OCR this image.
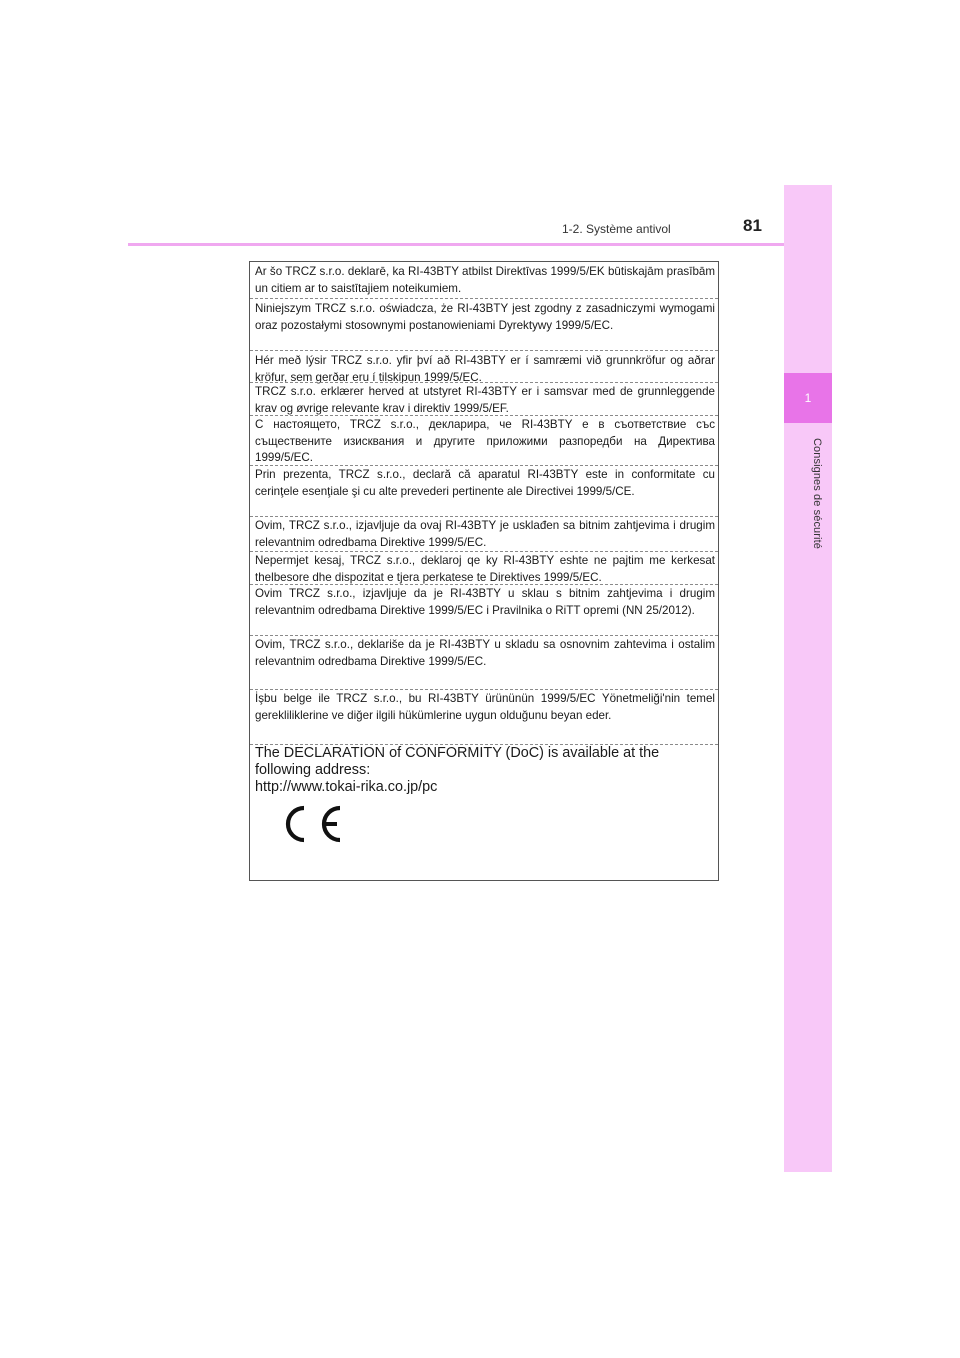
1
Consignes de sécurité
1-2. Système antivol	81

Ar šo TRCZ s.r.o. deklarē, ka RI-43BTY atbilst Direktīvas 1999/5/EK būtiskajām prasībām un citiem ar to saistītajiem noteikumiem.

Niniejszym TRCZ s.r.o. oświadcza, że RI-43BTY jest zgodny z zasadniczymi wymogami oraz pozostałymi stosownymi postanowieniami Dyrektywy 1999/5/EC.

Hér með lýsir TRCZ s.r.o. yfir því að RI-43BTY er í samræmi við grunnkröfur og aðrar kröfur, sem gerðar eru í tilskipun 1999/5/EC.

TRCZ s.r.o. erklærer herved at utstyret RI-43BTY er i samsvar med de grunnleggende krav og øvrige relevante krav i direktiv 1999/5/EF.

С настоящето, TRCZ s.r.o., декларира, че RI-43BTY е в съответствие със съществените изисквания и другите приложими разпоредби на Директива 1999/5/EC.

Prin prezenta, TRCZ s.r.o., declară că aparatul RI-43BTY este in conformitate cu cerinţele esenţiale şi cu alte prevederi pertinente ale Directivei 1999/5/CE.

Ovim, TRCZ s.r.o., izjavljuje da ovaj RI-43BTY je usklađen sa bitnim zahtjevima i drugim relevantnim odredbama Direktive 1999/5/EC.

Nepermjet kesaj, TRCZ s.r.o., deklaroj qe ky RI-43BTY eshte ne pajtim me kerkesat thelbesore dhe dispozitat e tjera perkatese te Direktives 1999/5/EC.

Ovim TRCZ s.r.o., izjavljuje da je RI-43BTY u sklau s bitnim zahtjevima i drugim relevantnim odredbama Direktive 1999/5/EC i Pravilnika o RiTT opremi (NN 25/2012).

Ovim, TRCZ s.r.o., deklariše da je RI-43BTY u skladu sa osnovnim zahtevima i ostalim relevantnim odredbama Direktive 1999/5/EC.

İşbu belge ile TRCZ s.r.o., bu RI-43BTY ürününün 1999/5/EC Yönetmeliği'nin temel gerekliliklerine ve diğer ilgili hükümlerine uygun olduğunu beyan eder.

The DECLARATION of CONFORMITY (DoC) is available at the
following address:
http://www.tokai-rika.co.jp/pc
